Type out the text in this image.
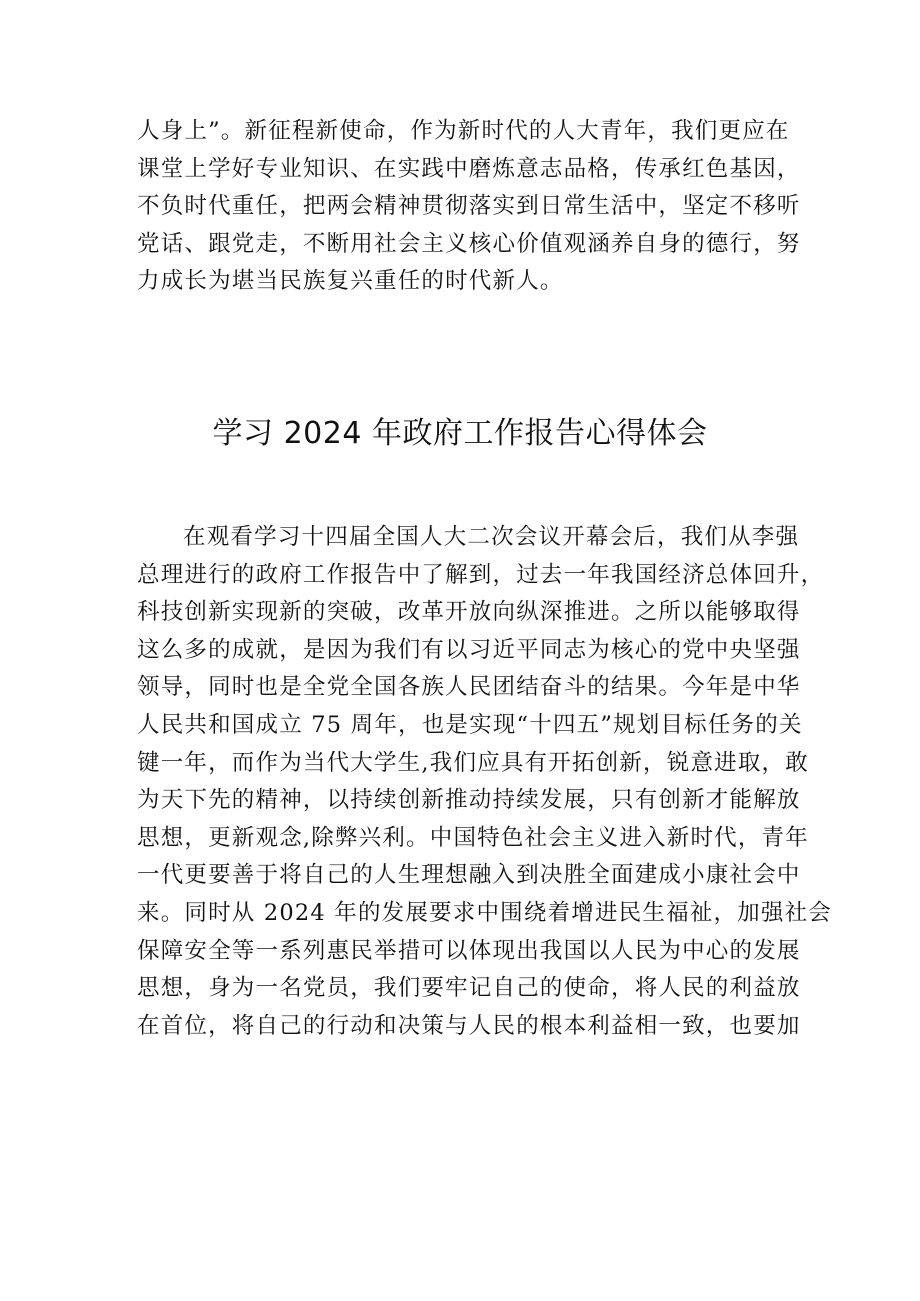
人身上”。新征程新使命，作为新时代的人大青年，我们更应在
课堂上学好专业知识、在实践中磨炼意志品格，传承红色基因，
不负时代重任，把两会精神贯彻落实到日常生活中，坚定不移听
党话、跟党走，不断用社会主义核心价值观涵养自身的德行，努
力成长为堪当民族复兴重任的时代新人。
学习 2024 年政府工作报告心得体会
在观看学习十四届全国人大二次会议开幕会后，我们从李强
总理进行的政府工作报告中了解到，过去一年我国经济总体回升，
科技创新实现新的突破，改革开放向纵深推进。之所以能够取得
这么多的成就，是因为我们有以习近平同志为核心的党中央坚强
领导，同时也是全党全国各族人民团结奋斗的结果。今年是中华
人民共和国成立 75 周年，也是实现“十四五”规划目标任务的关
键一年，而作为当代大学生,我们应具有开拓创新，锐意进取，敢
为天下先的精神，以持续创新推动持续发展，只有创新才能解放
思想，更新观念,除弊兴利。中国特色社会主义进入新时代，青年
一代更要善于将自己的人生理想融入到决胜全面建成小康社会中
来。同时从 2024 年的发展要求中围绕着增进民生福祉，加强社会
保障安全等一系列惠民举措可以体现出我国以人民为中心的发展
思想，身为一名党员，我们要牢记自己的使命，将人民的利益放
在首位，将自己的行动和决策与人民的根本利益相一致，也要加
